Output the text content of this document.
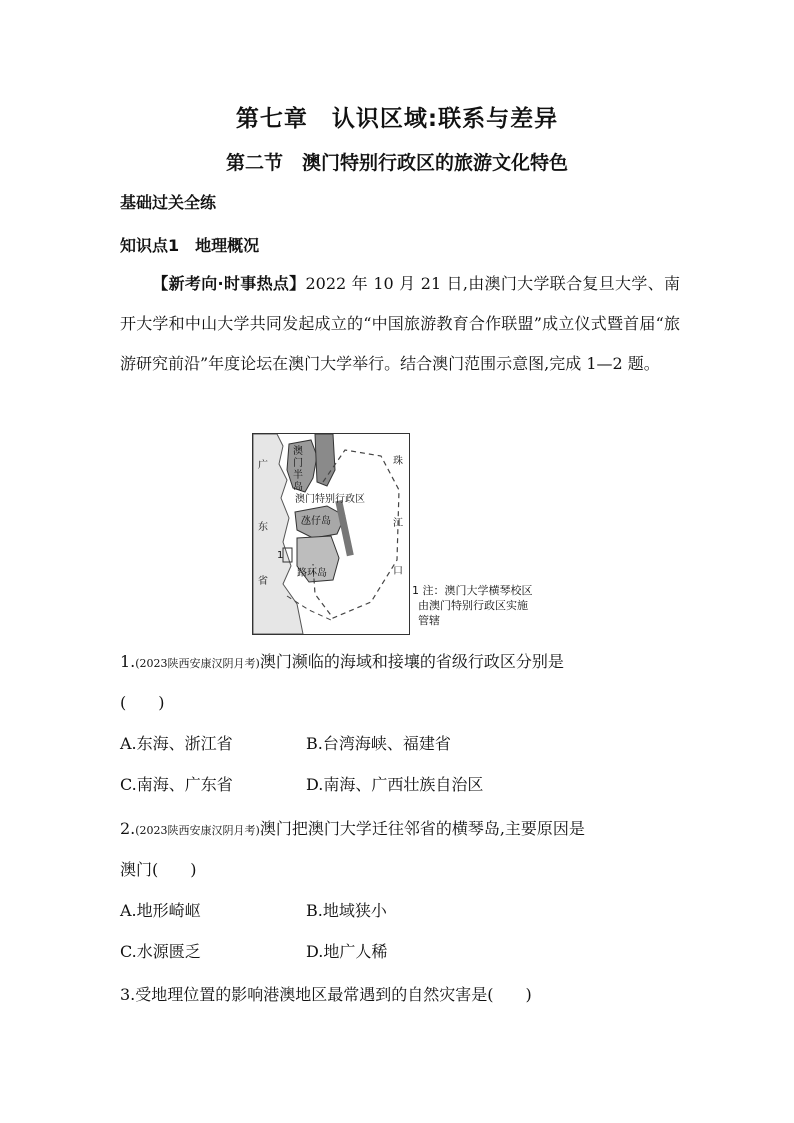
第七章　认识区域:联系与差异
第二节　澳门特别行政区的旅游文化特色
基础过关全练
知识点1　地理概况
【新考向·时事热点】2022 年 10 月 21 日,由澳门大学联合复旦大学、南开大学和中山大学共同发起成立的“中国旅游教育合作联盟”成立仪式暨首届“旅游研究前沿”年度论坛在澳门大学举行。结合澳门范围示意图,完成 1—2 题。
广
东
省
珠
江
口
澳
门
半
岛
澳门特别行政区
氹仔岛
路环岛
1
1 注：澳门大学横琴校区
由澳门特别行政区实施
管辖
1.(2023陕西安康汉阴月考)澳门濒临的海域和接壤的省级行政区分别是
(　　)
A.东海、浙江省	B.台湾海峡、福建省
C.南海、广东省	D.南海、广西壮族自治区
2.(2023陕西安康汉阴月考)澳门把澳门大学迁往邻省的横琴岛,主要原因是
澳门(　　)
A.地形崎岖	B.地域狭小
C.水源匮乏	D.地广人稀
3.受地理位置的影响港澳地区最常遇到的自然灾害是(　　)
